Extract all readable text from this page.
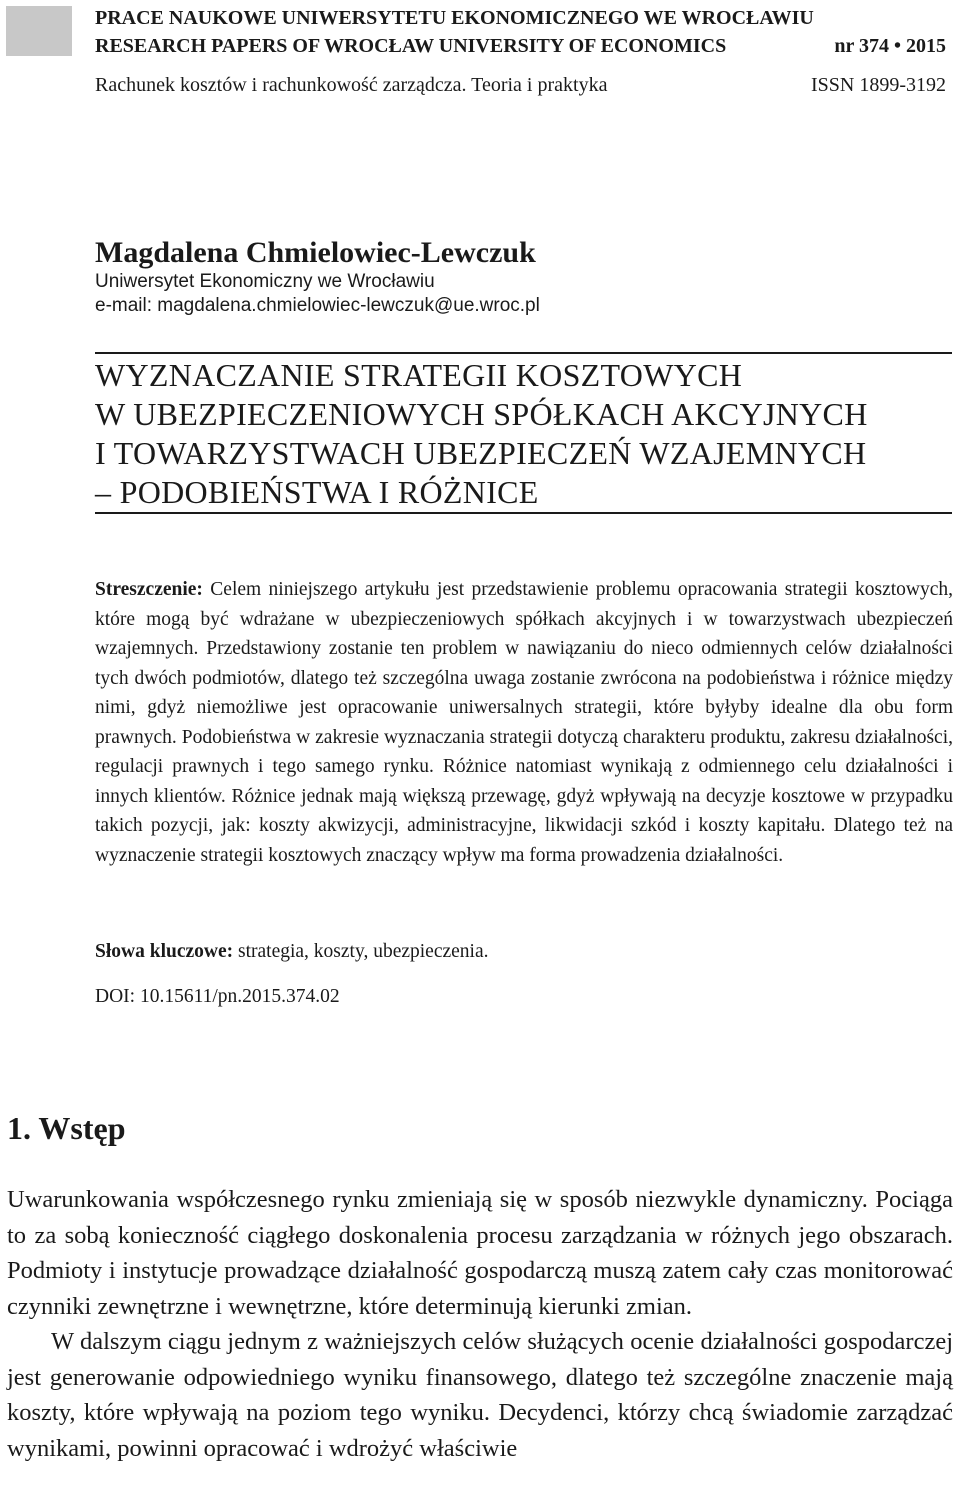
PRACE NAUKOWE UNIWERSYTETU EKONOMICZNEGO WE WROCŁAWIU
RESEARCH PAPERS OF WROCŁAW UNIVERSITY OF ECONOMICS	nr 374 • 2015
Rachunek kosztów i rachunkowość zarządcza. Teoria i praktyka	ISSN 1899-3192

Magdalena Chmielowiec-Lewczuk

Uniwersytet Ekonomiczny we Wrocławiu
e-mail: magdalena.chmielowiec-lewczuk@ue.wroc.pl
WYZNACZANIE STRATEGII KOSZTOWYCH
W UBEZPIECZENIOWYCH SPÓŁKACH AKCYJNYCH
I TOWARZYSTWACH UBEZPIECZEŃ WZAJEMNYCH
– PODOBIEŃSTWA I RÓŻNICE

Streszczenie: Celem niniejszego artykułu jest przedstawienie problemu opracowania strategii kosztowych, które mogą być wdrażane w ubezpieczeniowych spółkach akcyjnych i w towarzystwach ubezpieczeń wzajemnych. Przedstawiony zostanie ten problem w nawiązaniu do nieco odmiennych celów działalności tych dwóch podmiotów, dlatego też szczególna uwaga zostanie zwrócona na podobieństwa i różnice między nimi, gdyż niemożliwe jest opracowanie uniwersalnych strategii, które byłyby idealne dla obu form prawnych. Podobieństwa w zakresie wyznaczania strategii dotyczą charakteru produktu, zakresu działalności, regulacji prawnych i tego samego rynku. Różnice natomiast wynikają z odmiennego celu działalności i innych klientów. Różnice jednak mają większą przewagę, gdyż wpływają na decyzje kosztowe w przypadku takich pozycji, jak: koszty akwizycji, administracyjne, likwidacji szkód i koszty kapitału. Dlatego też na wyznaczenie strategii kosztowych znaczący wpływ ma forma prowadzenia działalności.

Słowa kluczowe: strategia, koszty, ubezpieczenia.

DOI: 10.15611/pn.2015.374.02

1. Wstęp

Uwarunkowania współczesnego rynku zmieniają się w sposób niezwykle dynamiczny. Pociąga to za sobą konieczność ciągłego doskonalenia procesu zarządzania w różnych jego obszarach. Podmioty i instytucje prowadzące działalność gospodarczą muszą zatem cały czas monitorować czynniki zewnętrzne i wewnętrzne, które determinują kierunki zmian.

W dalszym ciągu jednym z ważniejszych celów służących ocenie działalności gospodarczej jest generowanie odpowiedniego wyniku finansowego, dlatego też szczególne znaczenie mają koszty, które wpływają na poziom tego wyniku. Decydenci, którzy chcą świadomie zarządzać wynikami, powinni opracować i wdrożyć właściwie
